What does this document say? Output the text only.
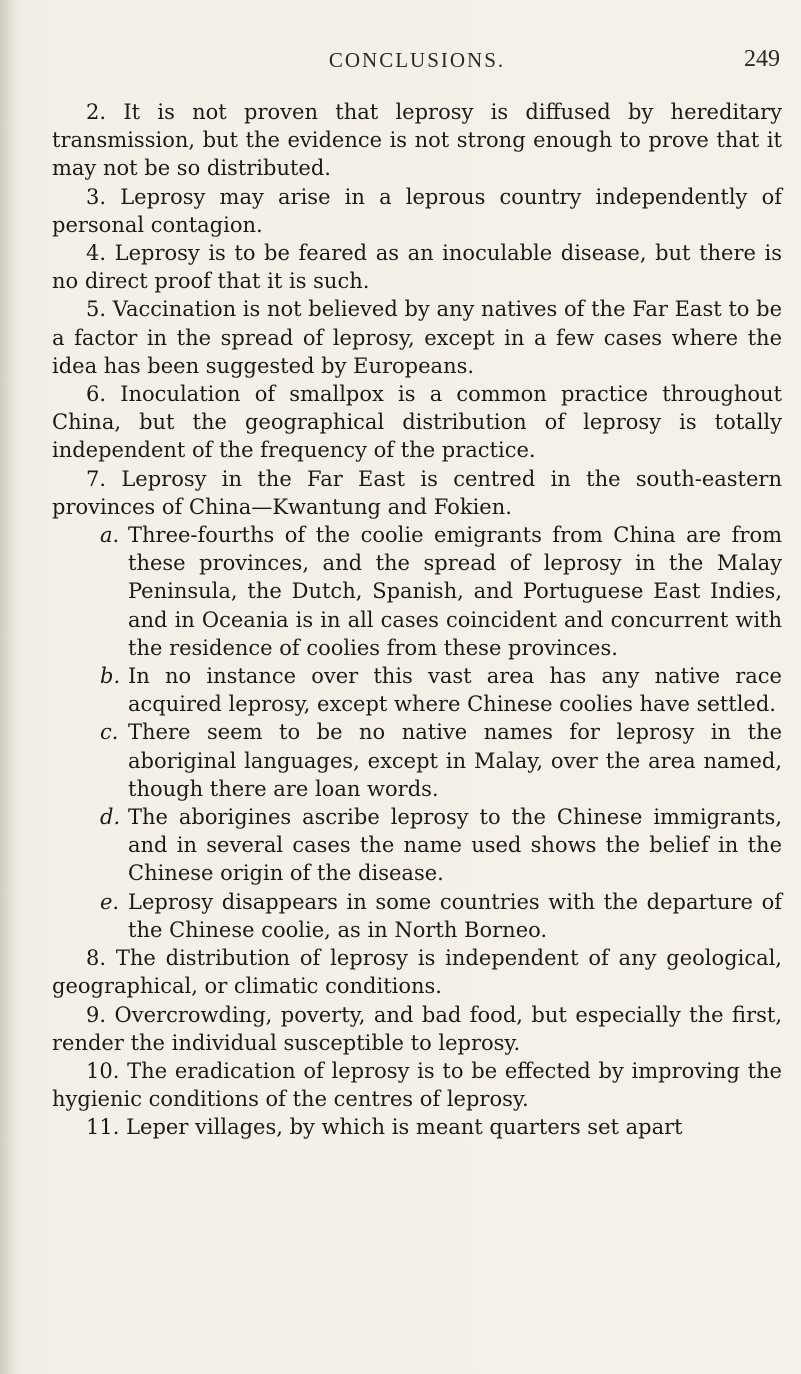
CONCLUSIONS.	249

2. It is not proven that leprosy is diffused by hereditary transmission, but the evidence is not strong enough to prove that it may not be so distributed.

3. Leprosy may arise in a leprous country independently of personal contagion.

4. Leprosy is to be feared as an inoculable disease, but there is no direct proof that it is such.

5. Vaccination is not believed by any natives of the Far East to be a factor in the spread of leprosy, except in a few cases where the idea has been suggested by Europeans.

6. Inoculation of smallpox is a common practice throughout China, but the geographical distribution of leprosy is totally independent of the frequency of the practice.

7. Leprosy in the Far East is centred in the south-eastern provinces of China—Kwantung and Fokien.

a. Three-fourths of the coolie emigrants from China are from these provinces, and the spread of leprosy in the Malay Peninsula, the Dutch, Spanish, and Portuguese East Indies, and in Oceania is in all cases coincident and concurrent with the residence of coolies from these provinces.

b. In no instance over this vast area has any native race acquired leprosy, except where Chinese coolies have settled.

c. There seem to be no native names for leprosy in the aboriginal languages, except in Malay, over the area named, though there are loan words.

d. The aborigines ascribe leprosy to the Chinese immigrants, and in several cases the name used shows the belief in the Chinese origin of the disease.

e. Leprosy disappears in some countries with the departure of the Chinese coolie, as in North Borneo.

8. The distribution of leprosy is independent of any geological, geographical, or climatic conditions.

9. Overcrowding, poverty, and bad food, but especially the first, render the individual susceptible to leprosy.

10. The eradication of leprosy is to be effected by improving the hygienic conditions of the centres of leprosy.

11. Leper villages, by which is meant quarters set apart
